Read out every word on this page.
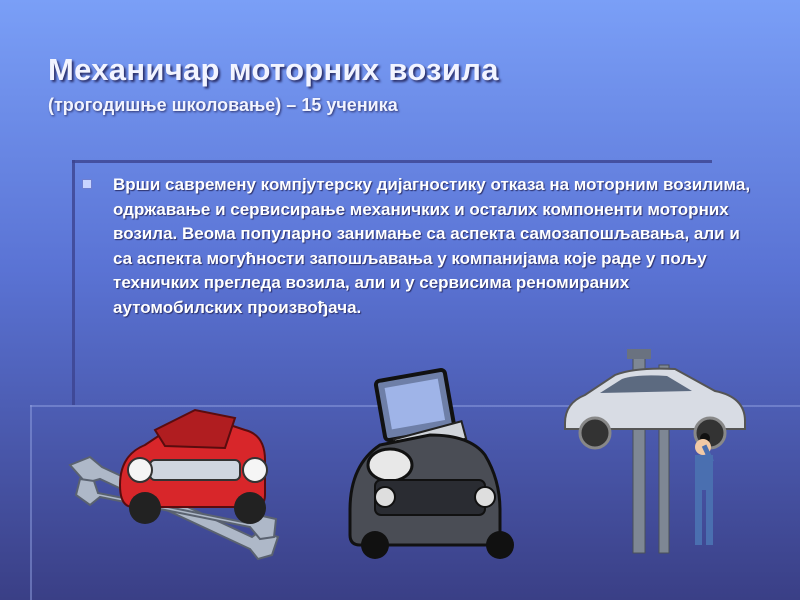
Механичар моторних возила
(трогодишње школовање) – 15 ученика
Врши савремену компјутерску дијагностику отказа на моторним возилима, одржавање и сервисирање механичких и осталих компоненти моторних возила. Веома популарно занимање са аспекта самозапошљавања, али и са аспекта могућности запошљавања у компанијама које раде у пољу техничких прегледа возила, али и у сервисима реномираних аутомобилских произвођача.
